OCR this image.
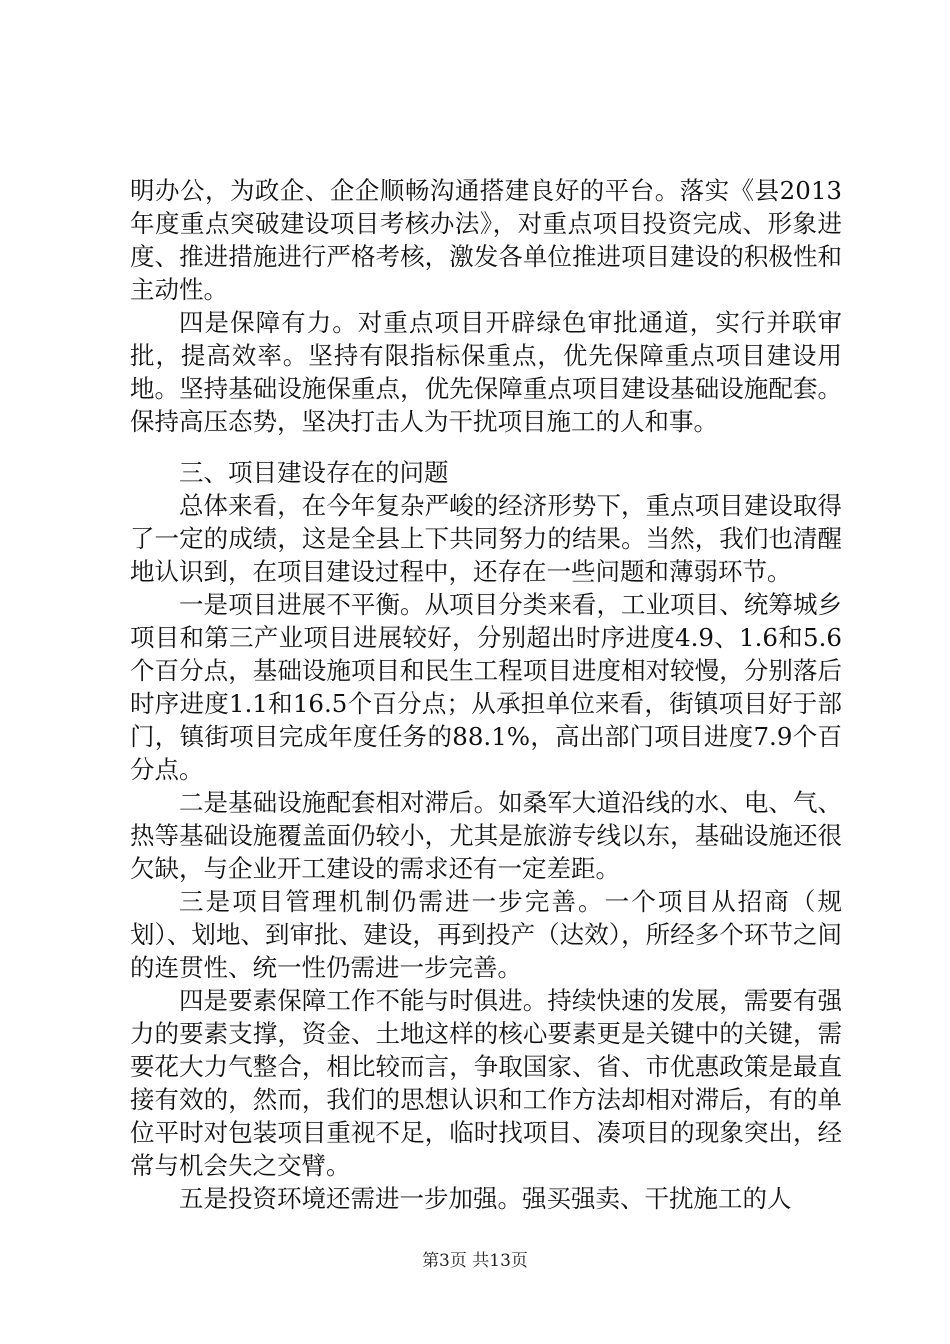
明办公，为政企、企企顺畅沟通搭建良好的平台。落实《县2013年度重点突破建设项目考核办法》，对重点项目投资完成、形象进度、推进措施进行严格考核，激发各单位推进项目建设的积极性和主动性。

四是保障有力。对重点项目开辟绿色审批通道，实行并联审批，提高效率。坚持有限指标保重点，优先保障重点项目建设用地。坚持基础设施保重点，优先保障重点项目建设基础设施配套。保持高压态势，坚决打击人为干扰项目施工的人和事。

三、项目建设存在的问题

总体来看，在今年复杂严峻的经济形势下，重点项目建设取得了一定的成绩，这是全县上下共同努力的结果。当然，我们也清醒地认识到，在项目建设过程中，还存在一些问题和薄弱环节。

一是项目进展不平衡。从项目分类来看，工业项目、统筹城乡项目和第三产业项目进展较好，分别超出时序进度4.9、1.6和5.6个百分点，基础设施项目和民生工程项目进度相对较慢，分别落后时序进度1.1和16.5个百分点；从承担单位来看，街镇项目好于部门，镇街项目完成年度任务的88.1%，高出部门项目进度7.9个百分点。

二是基础设施配套相对滞后。如桑军大道沿线的水、电、气、热等基础设施覆盖面仍较小，尤其是旅游专线以东，基础设施还很欠缺，与企业开工建设的需求还有一定差距。

三是项目管理机制仍需进一步完善。一个项目从招商（规划）、划地、到审批、建设，再到投产（达效），所经多个环节之间的连贯性、统一性仍需进一步完善。

四是要素保障工作不能与时俱进。持续快速的发展，需要有强力的要素支撑，资金、土地这样的核心要素更是关键中的关键，需要花大力气整合，相比较而言，争取国家、省、市优惠政策是最直接有效的，然而，我们的思想认识和工作方法却相对滞后，有的单位平时对包装项目重视不足，临时找项目、凑项目的现象突出，经常与机会失之交臂。

五是投资环境还需进一步加强。强买强卖、干扰施工的人

第3页 共13页
